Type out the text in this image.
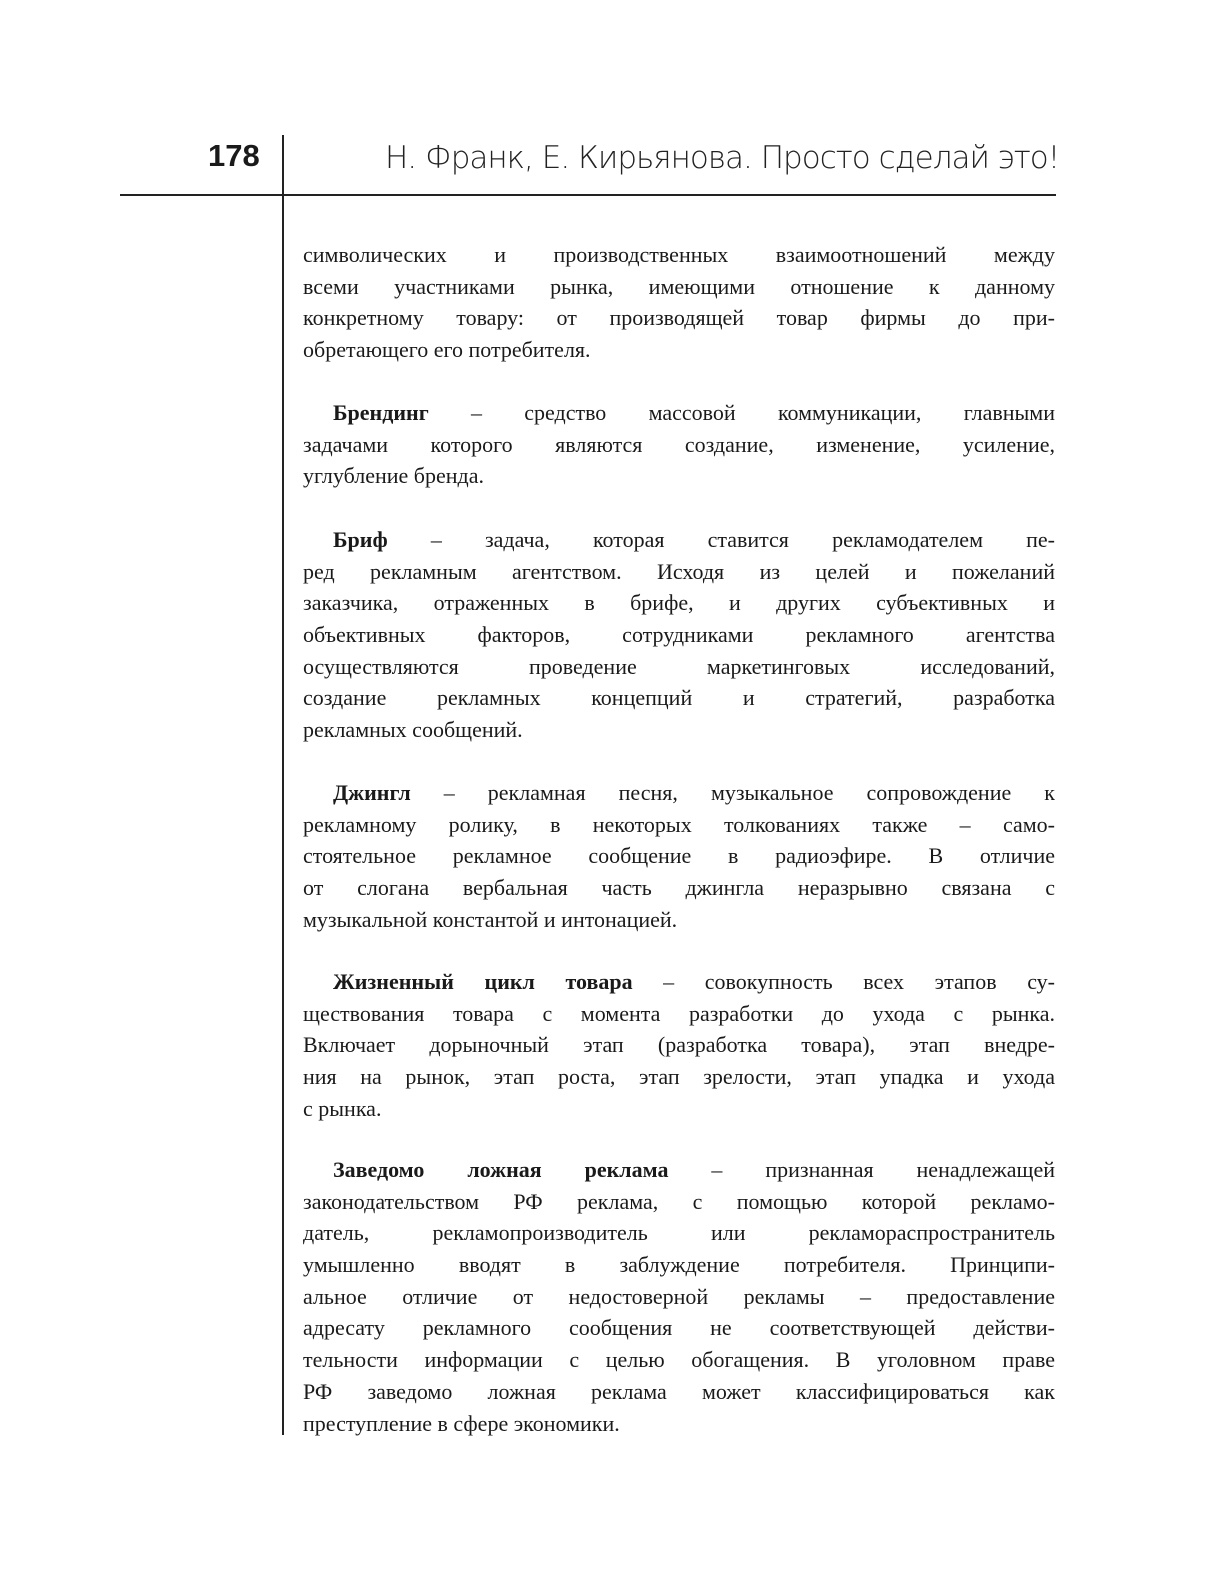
178	Н. Франк, Е. Кирьянова. Просто сделай это!
символических и производственных взаимоотношений между
всеми участниками рынка, имеющими отношение к данному
конкретному товару: от производящей товар фирмы до при-
обретающего его потребителя.
Брендинг – средство массовой коммуникации, главными
задачами которого являются создание, изменение, усиление,
углубление бренда.
Бриф – задача, которая ставится рекламодателем пе-
ред рекламным агентством. Исходя из целей и пожеланий
заказчика, отраженных в брифе, и других субъективных и
объективных факторов, сотрудниками рекламного агентства
осуществляются проведение маркетинговых исследований,
создание рекламных концепций и стратегий, разработка
рекламных сообщений.
Джингл – рекламная песня, музыкальное сопровождение к
рекламному ролику, в некоторых толкованиях также – само-
стоятельное рекламное сообщение в радиоэфире. В отличие
от слогана вербальная часть джингла неразрывно связана с
музыкальной константой и интонацией.
Жизненный цикл товара – совокупность всех этапов су-
ществования товара с момента разработки до ухода с рынка.
Включает дорыночный этап (разработка товара), этап внедре-
ния на рынок, этап роста, этап зрелости, этап упадка и ухода
с рынка.
Заведомо ложная реклама – признанная ненадлежащей
законодательством РФ реклама, с помощью которой рекламо-
датель, рекламопроизводитель или рекламораспространитель
умышленно вводят в заблуждение потребителя. Принципи-
альное отличие от недостоверной рекламы – предоставление
адресату рекламного сообщения не соответствующей действи-
тельности информации с целью обогащения. В уголовном праве
РФ заведомо ложная реклама может классифицироваться как
преступление в сфере экономики.
